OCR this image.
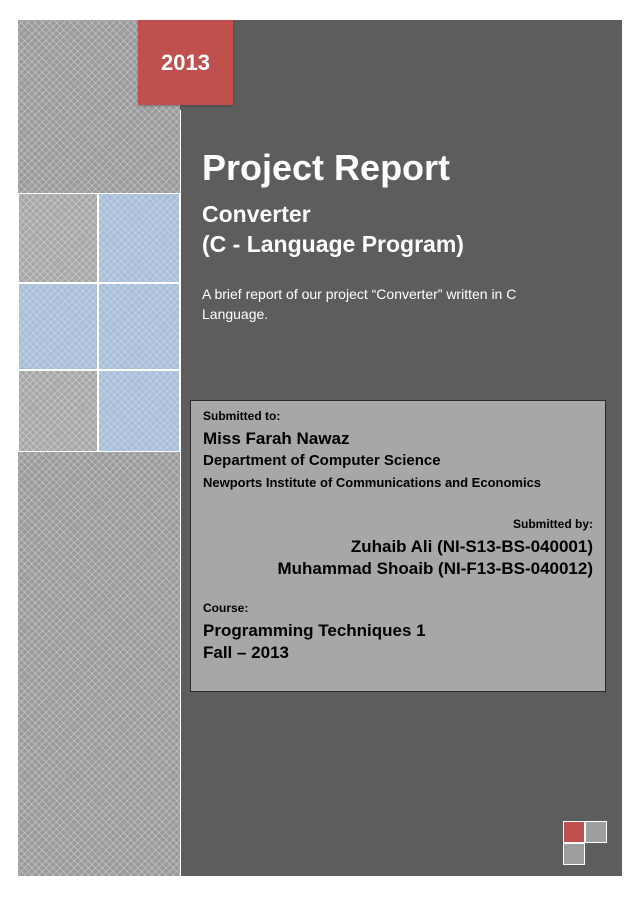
2013
Project Report
Converter
(C - Language Program)
A brief report of our project “Converter” written in C Language.
Submitted to:
Miss Farah Nawaz
Department of Computer Science
Newports Institute of Communications and Economics
Submitted by:
Zuhaib Ali (NI-S13-BS-040001)
Muhammad Shoaib (NI-F13-BS-040012)
Course:
Programming Techniques 1
Fall – 2013
